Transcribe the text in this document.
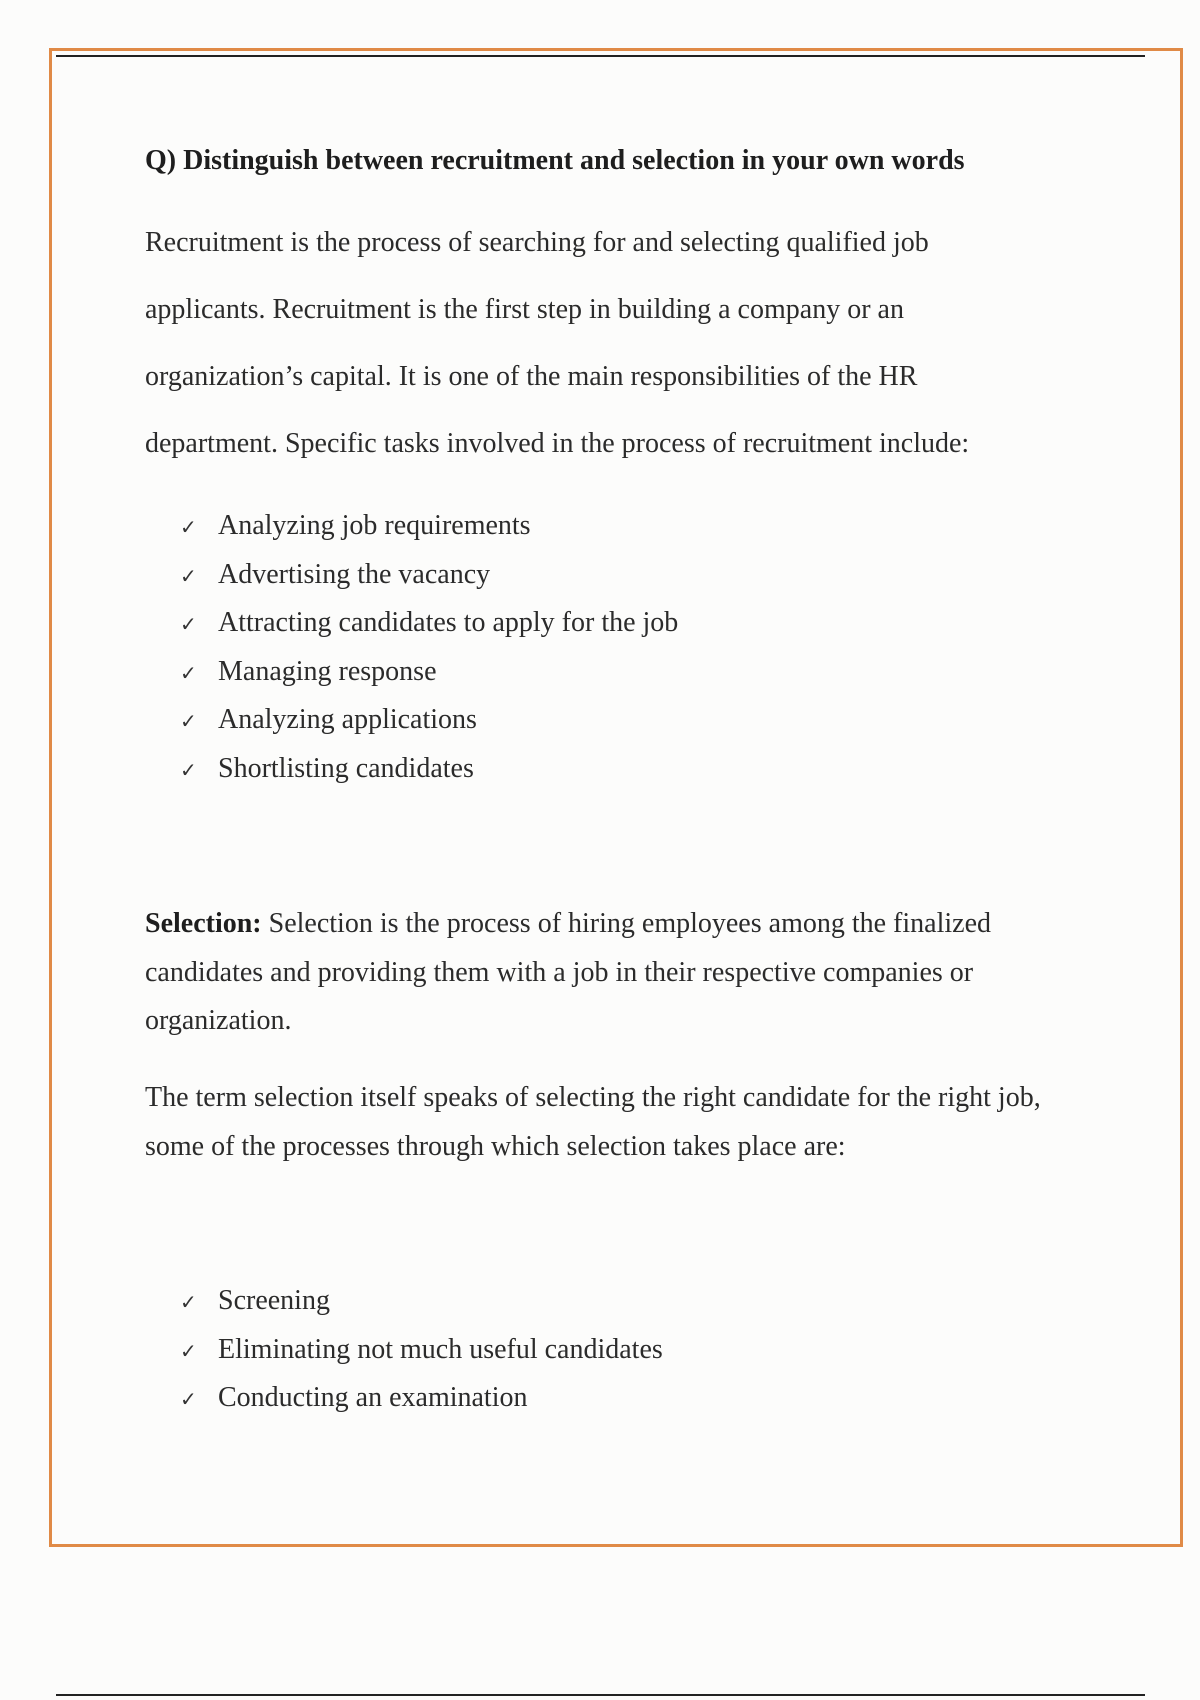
Q) Distinguish between recruitment and selection in your own words

Recruitment is the process of searching for and selecting qualified job
applicants. Recruitment is the first step in building a company or an
organization’s capital. It is one of the main responsibilities of the HR
department. Specific tasks involved in the process of recruitment include:

✓ Analyzing job requirements
✓ Advertising the vacancy
✓ Attracting candidates to apply for the job
✓ Managing response
✓ Analyzing applications
✓ Shortlisting candidates

Selection: Selection is the process of hiring employees among the finalized
candidates and providing them with a job in their respective companies or
organization.

The term selection itself speaks of selecting the right candidate for the right job,
some of the processes through which selection takes place are:

✓ Screening
✓ Eliminating not much useful candidates
✓ Conducting an examination
